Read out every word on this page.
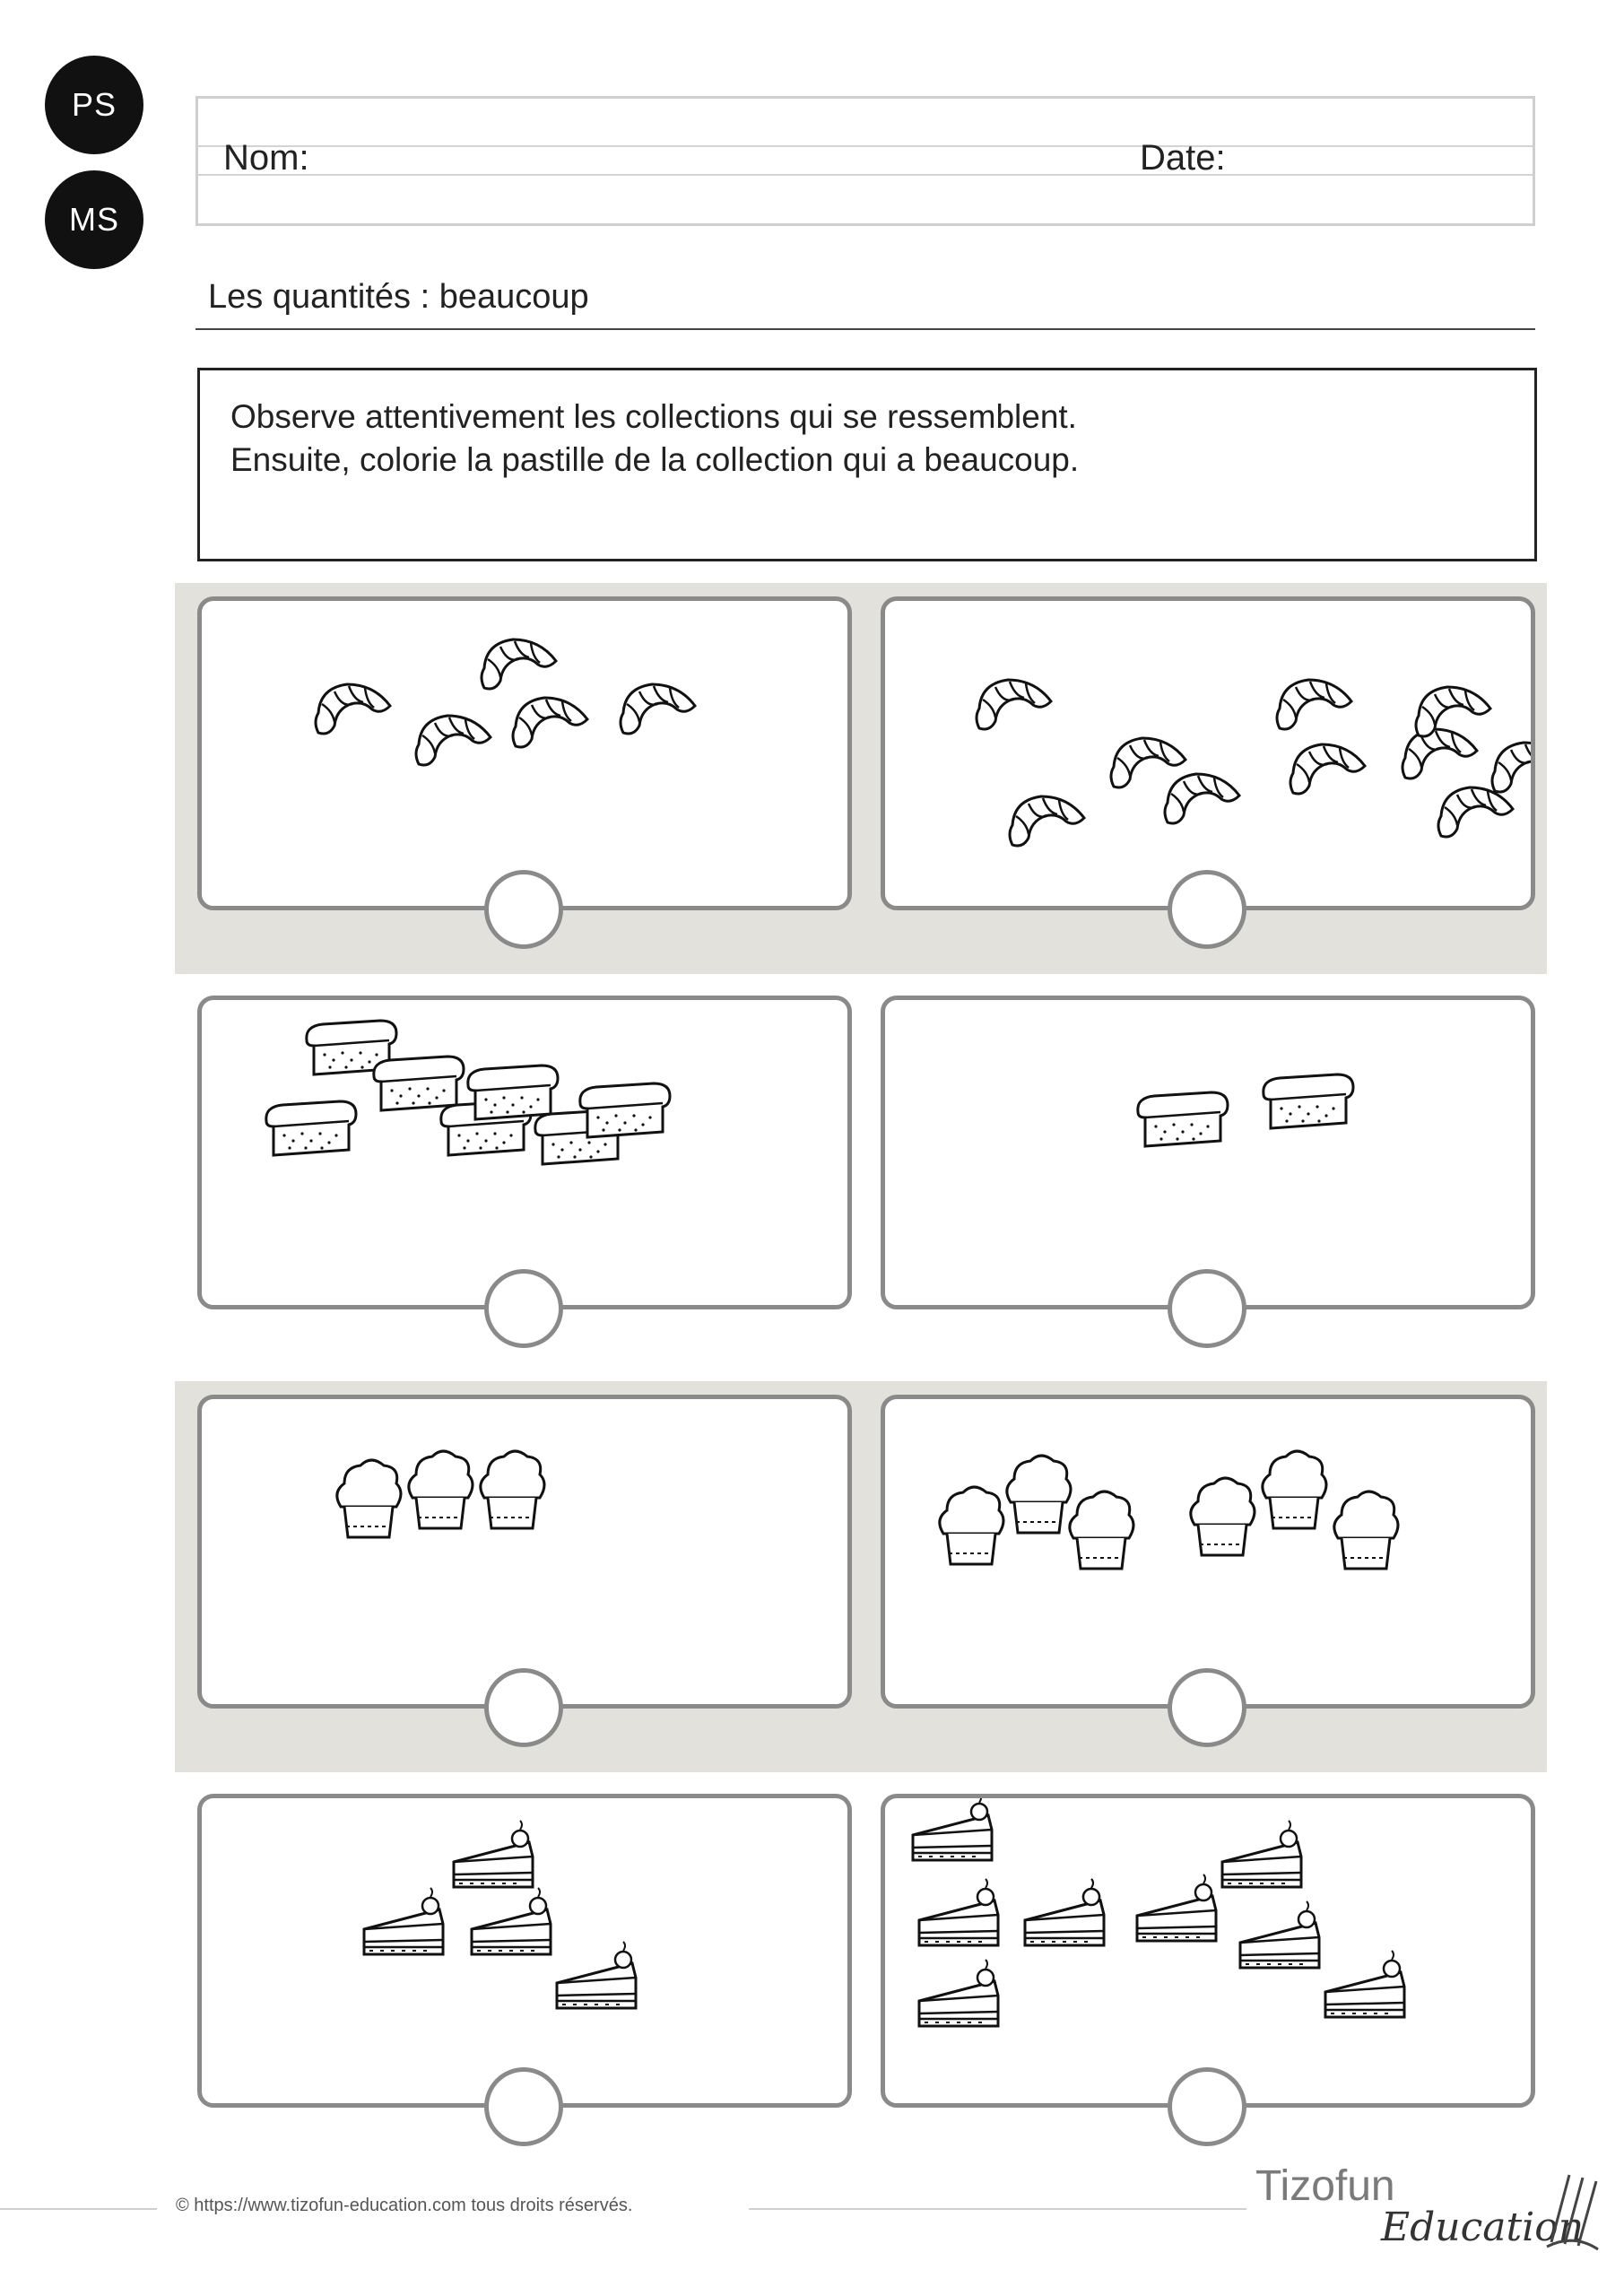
PS
MS
Nom:	Date:
Les quantités : beaucoup
Observe attentivement les collections qui se ressemblent.
Ensuite, colorie la pastille de la collection qui a beaucoup.
© https://www.tizofun-education.com tous droits réservés.	Tizofun
Education
